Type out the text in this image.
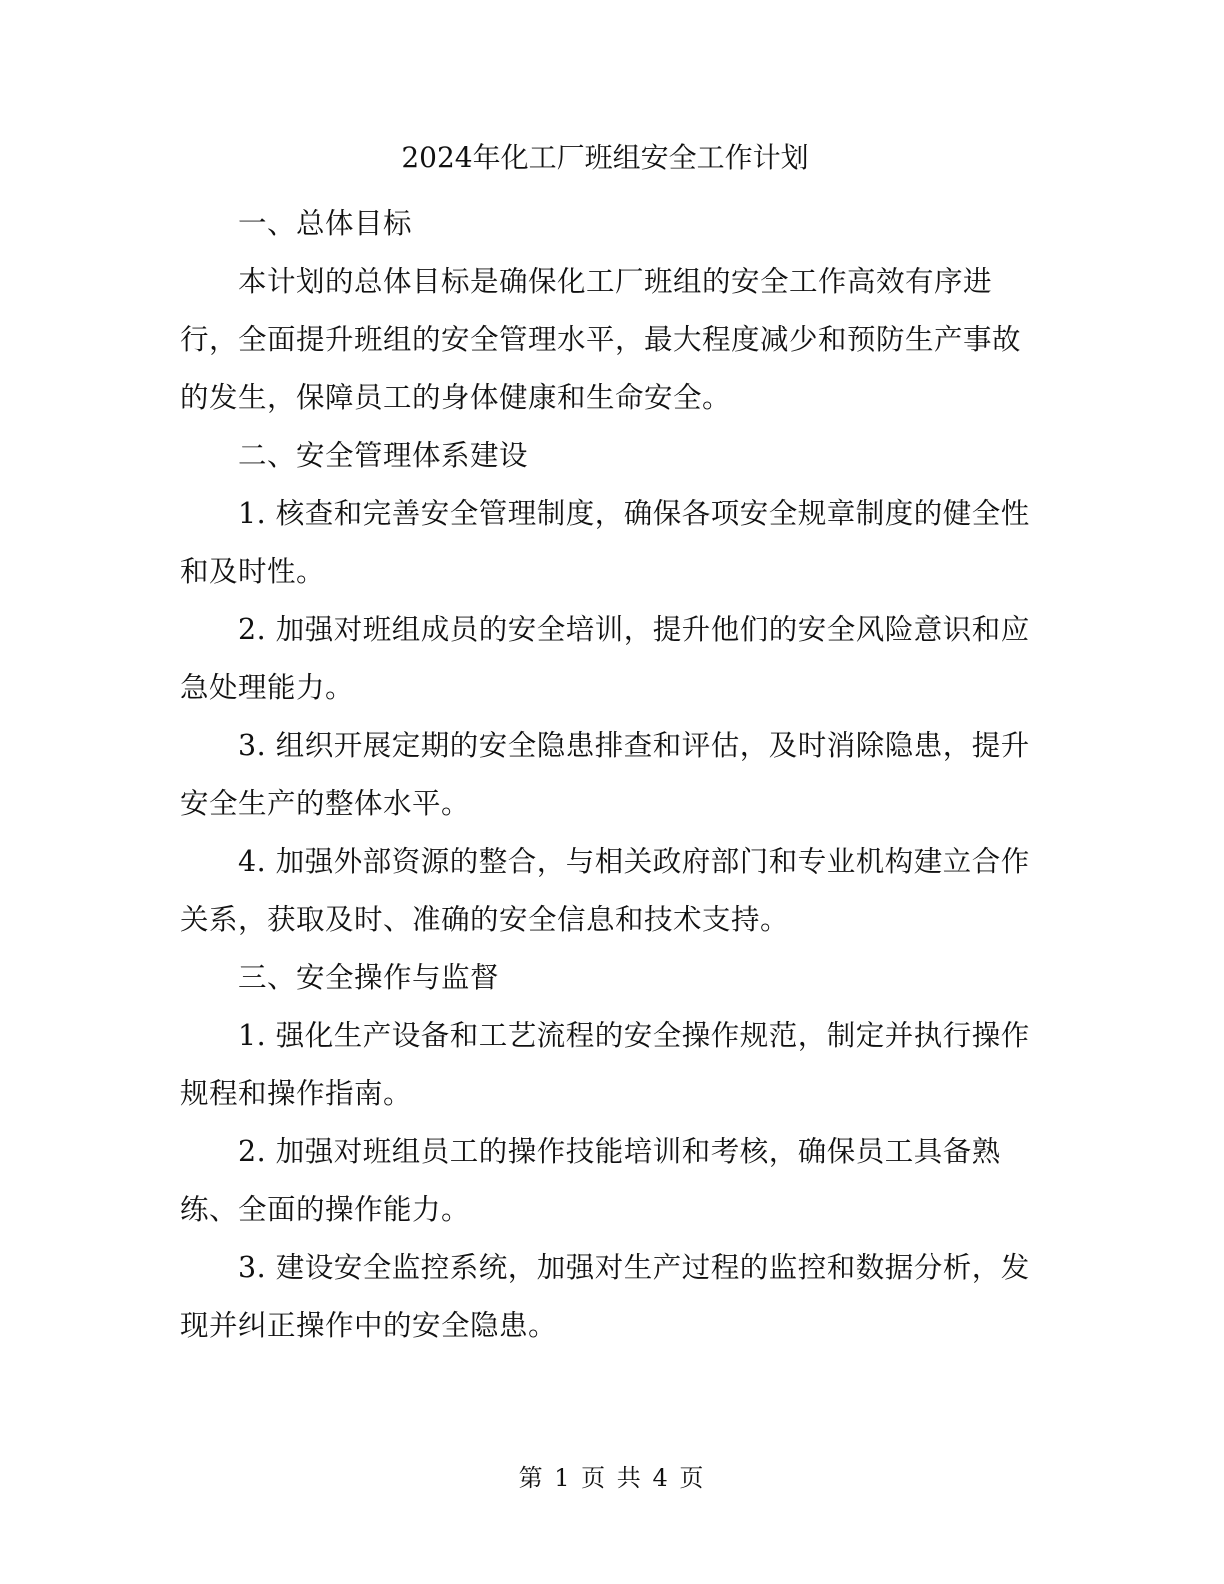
2024年化工厂班组安全工作计划

一、总体目标

本计划的总体目标是确保化工厂班组的安全工作高效有序进行，全面提升班组的安全管理水平，最大程度减少和预防生产事故的发生，保障员工的身体健康和生命安全。

二、安全管理体系建设

1. 核查和完善安全管理制度，确保各项安全规章制度的健全性和及时性。

2. 加强对班组成员的安全培训，提升他们的安全风险意识和应急处理能力。

3. 组织开展定期的安全隐患排查和评估，及时消除隐患，提升安全生产的整体水平。

4. 加强外部资源的整合，与相关政府部门和专业机构建立合作关系，获取及时、准确的安全信息和技术支持。

三、安全操作与监督

1. 强化生产设备和工艺流程的安全操作规范，制定并执行操作规程和操作指南。

2. 加强对班组员工的操作技能培训和考核，确保员工具备熟练、全面的操作能力。

3. 建设安全监控系统，加强对生产过程的监控和数据分析，发现并纠正操作中的安全隐患。

第 1 页 共 4 页
